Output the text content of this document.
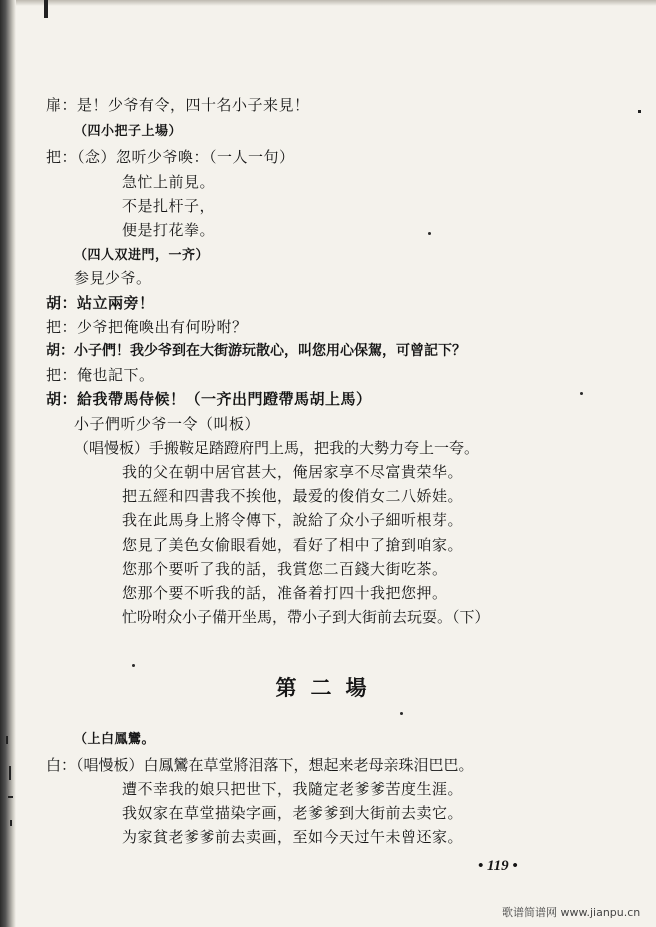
扉：是！少爷有令，四十名小子来見！
（四小把子上場）
把：（念）忽听少爷喚：（一人一句）
急忙上前見。
不是扎杆子，
便是打花拳。
（四人双进門，一齐）
参見少爷。
胡：站立兩旁！
把：少爷把俺喚出有何吩咐？
胡：小子們！我少爷到在大街游玩散心，叫您用心保駕，可曾記下？
把：俺也記下。
胡：給我帶馬侍候！（一齐出門蹬帶馬胡上馬）
小子們听少爷一令（叫板）
（唱慢板）手搬鞍足踏蹬府門上馬，把我的大勢力夸上一夸。
我的父在朝中居官甚大，俺居家享不尽富貴荣华。
把五經和四書我不挨他，最爱的俊俏女二八娇娃。
我在此馬身上將令傳下，說給了众小子細听根芽。
您見了美色女偷眼看她，看好了相中了搶到咱家。
您那个要听了我的話，我賞您二百錢大街吃茶。
您那个要不听我的話，准备着打四十我把您押。
忙吩咐众小子備开坐馬，帶小子到大街前去玩耍。（下）
第二場
（上白鳳鸞。
白：（唱慢板）白鳳鸞在草堂將泪落下，想起来老母亲珠泪巴巴。
遭不幸我的娘只把世下，我隨定老爹爹苦度生涯。
我奴家在草堂描染字画，老爹爹到大街前去卖它。
为家貧老爹爹前去卖画，至如今天过午未曾还家。
• 119 •
歌谱简谱网 www.jianpu.cn
